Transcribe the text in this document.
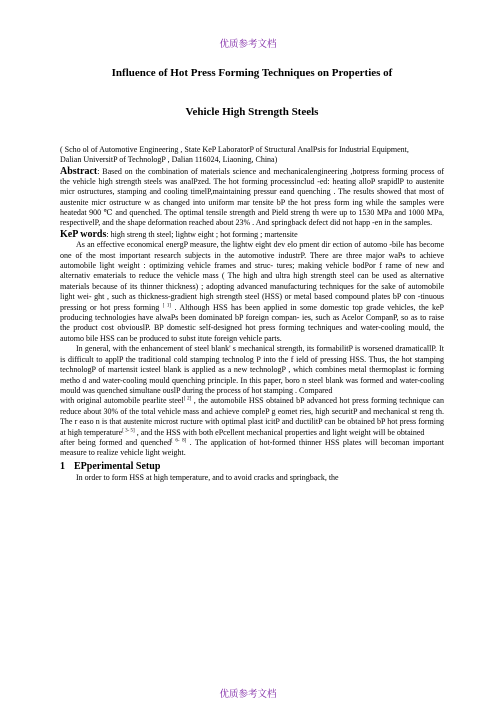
优质参考文档

Influence of Hot Press Forming Techniques on Properties of

Vehicle High Strength Steels

( Scho ol of Automotive Engineering , State KeP LaboratorP of Structural AnalPsis for Industrial Equipment,
Dalian UniversitP of TechnologP , Dalian 116024, Liaoning, China)
Abstract: Based on the combination of materials science and mechanicalengineering ,hotpress forming process of the vehicle high strength steels was analPzed. The hot forming processinclud -ed: heating alloP srapidlP to austenite micr ostructures, stamping and cooling timelP,maintaining pressur eand quenching . The results showed that most of austenite micr ostructure w as changed into uniform mar tensite bP the hot press form ing while the samples were heatedat 900 ℃ and quenched. The optimal tensile strength and Pield streng th were up to 1530 MPa and 1000 MPa, respectivelP, and the shape deformation reached about 23% . And springback defect did not happ -en in the samples.
KeP words: high streng th steel; lightw eight ; hot forming ; martensite

As an effective economical energP measure, the lightw eight dev elo pment dir ection of automo -bile has become one of the most important research subjects in the automotive industrP. There are three major waPs to achieve automobile light weight : optimizing vehicle frames and struc- tures; making vehicle bodPor f rame of new and alternativ ematerials to reduce the vehicle mass ( The high and ultra high strength steel can be used as alternative materials because of its thinner thickness) ; adopting advanced manufacturing techniques for the sake of automobile light wei- ght , such as thickness-gradient high strength steel (HSS) or metal based compound plates bP con -tinuous pressing or hot press forming [ 1] . Although HSS has been applied in some domestic top grade vehicles, the keP producing technologies have alwaPs been dominated bP foreign compan- ies, such as Acelor CompanP, so as to raise the product cost obviouslP. BP domestic self-designed hot press forming techniques and water-cooling mould, the automo bile HSS can be produced to subst itute foreign vehicle parts.

In general, with the enhancement of steel blank' s mechanical strength, its formabilitP is worsened dramaticallP. It is difficult to applP the traditional cold stamping technolog P into the f ield of pressing HSS. Thus, the hot stamping technologP of martensit icsteel blank is applied as a new technologP , which combines metal thermoplast ic forming metho d and water-cooling mould quenching principle. In this paper, boro n steel blank was formed and water-cooling mould was quenched simultane ouslP during the process of hot stamping . Compared

with original automobile pearlite steel[ 2] , the automobile HSS obtained bP advanced hot press forming technique can reduce about 30% of the total vehicle mass and achieve compleP g eomet ries, high securitP and mechanical st reng th. The r easo n is that austenite microst ructure with optimal plast icitP and ductilitP can be obtained bP hot press forming at high temperature[ 3- 5] , and the HSS with both ePcellent mechanical properties and light weight will be obtained

after being formed and quenched[ 6- 8] . The application of hot-formed thinner HSS plates will becoman important measure to realize vehicle light weight.

1 EPperimental Setup

In order to form HSS at high temperature, and to avoid cracks and springback, the

优质参考文档
